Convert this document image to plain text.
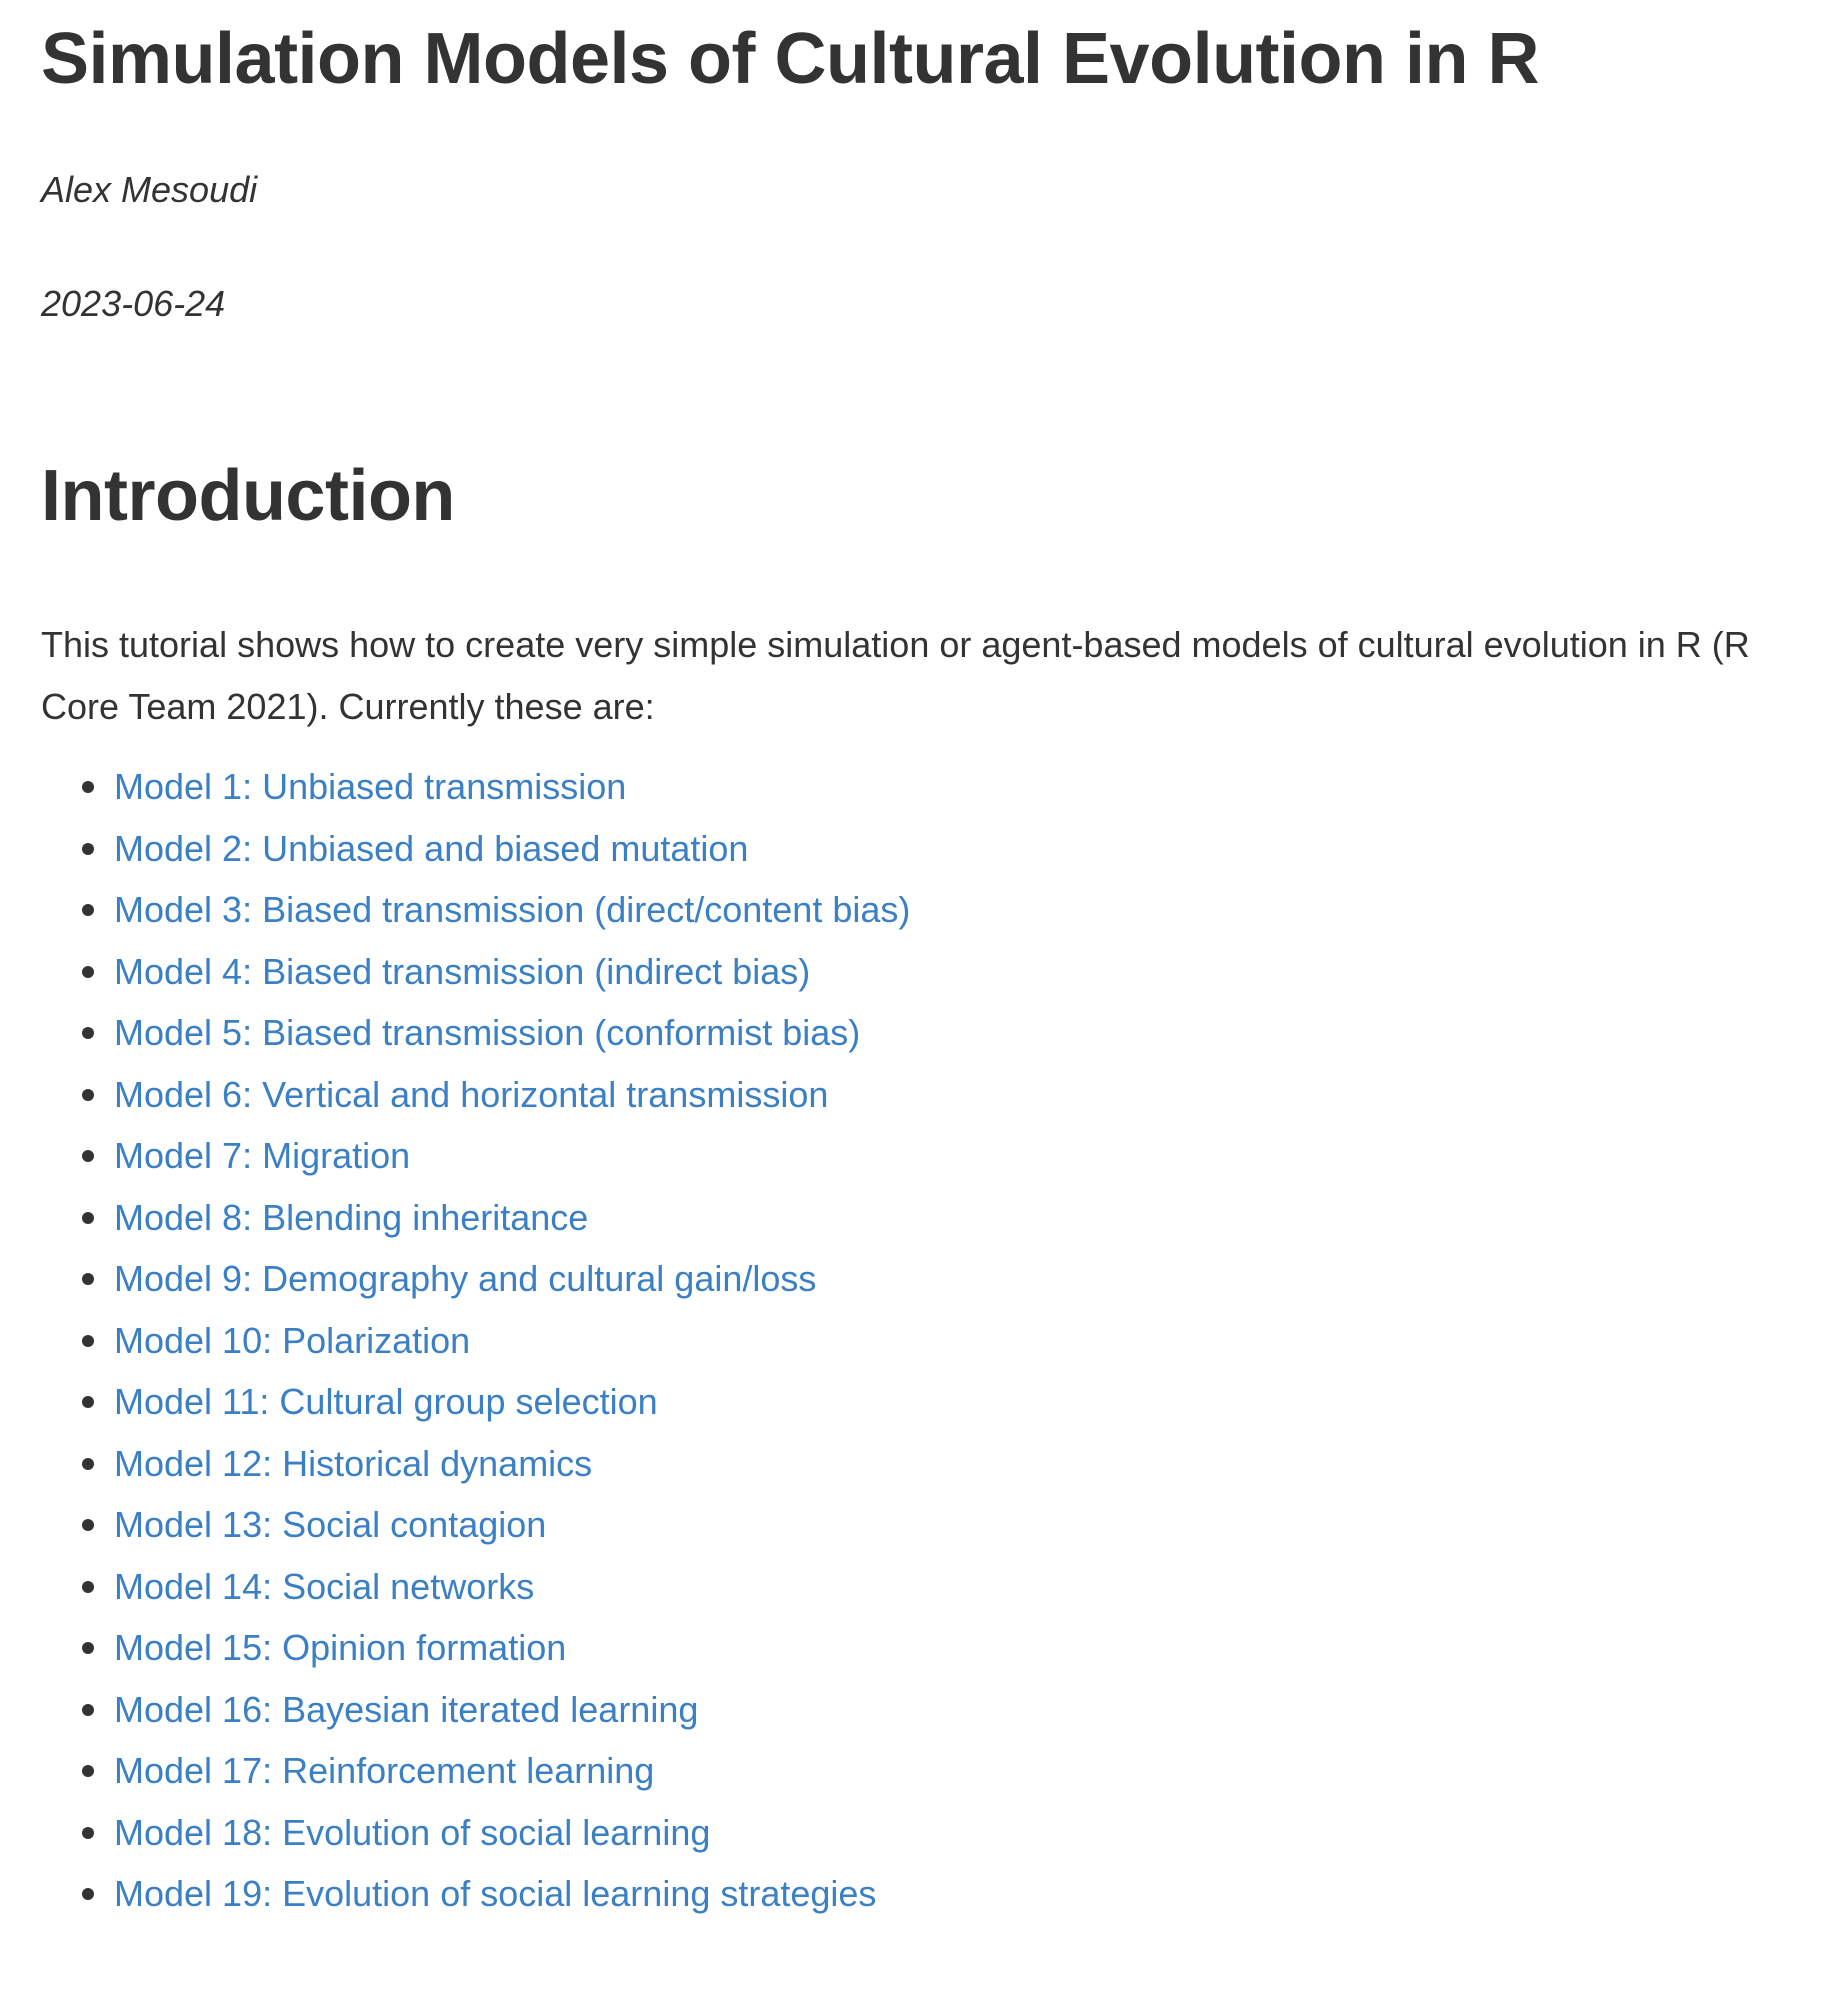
Simulation Models of Cultural Evolution in R

Alex Mesoudi

2023-06-24

Introduction

This tutorial shows how to create very simple simulation or agent-based models of cultural evolution in R (R Core Team 2021). Currently these are:

Model 1: Unbiased transmission
Model 2: Unbiased and biased mutation
Model 3: Biased transmission (direct/content bias)
Model 4: Biased transmission (indirect bias)
Model 5: Biased transmission (conformist bias)
Model 6: Vertical and horizontal transmission
Model 7: Migration
Model 8: Blending inheritance
Model 9: Demography and cultural gain/loss
Model 10: Polarization
Model 11: Cultural group selection
Model 12: Historical dynamics
Model 13: Social contagion
Model 14: Social networks
Model 15: Opinion formation
Model 16: Bayesian iterated learning
Model 17: Reinforcement learning
Model 18: Evolution of social learning
Model 19: Evolution of social learning strategies
